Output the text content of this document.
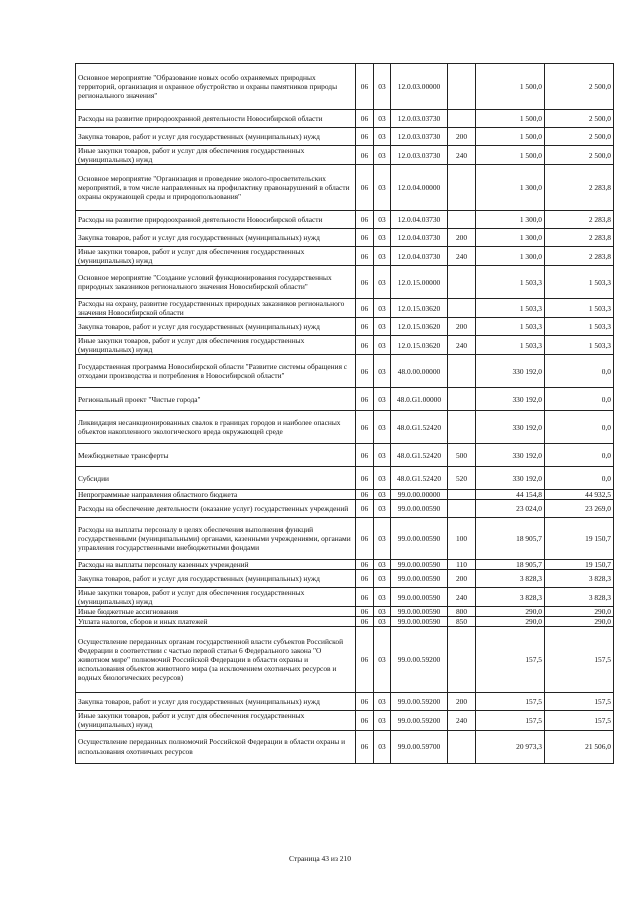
Основное мероприятие "Образование новых особо охраняемых природных территорий, организация и охранное обустройство и охраны памятников природы регионального значения"	06	03	12.0.03.00000		1 500,0	2 500,0
Расходы на развитие природоохранной деятельности Новосибирской области	06	03	12.0.03.03730		1 500,0	2 500,0
Закупка товаров, работ и услуг для государственных (муниципальных) нужд	06	03	12.0.03.03730	200	1 500,0	2 500,0
Иные закупки товаров, работ и услуг для обеспечения государственных (муниципальных) нужд	06	03	12.0.03.03730	240	1 500,0	2 500,0
Основное мероприятие "Организация и проведение эколого-просветительских мероприятий, в том числе направленных на профилактику правонарушений в области охраны окружающей среды и природопользования"	06	03	12.0.04.00000		1 300,0	2 283,8
Расходы на развитие природоохранной деятельности Новосибирской области	06	03	12.0.04.03730		1 300,0	2 283,8
Закупка товаров, работ и услуг для государственных (муниципальных) нужд	06	03	12.0.04.03730	200	1 300,0	2 283,8
Иные закупки товаров, работ и услуг для обеспечения государственных (муниципальных) нужд	06	03	12.0.04.03730	240	1 300,0	2 283,8
Основное мероприятие "Создание условий функционирования государственных природных заказников регионального значения Новосибирской области"	06	03	12.0.15.00000		1 503,3	1 503,3
Расходы на охрану, развитие государственных природных заказников регионального значения Новосибирской области	06	03	12.0.15.03620		1 503,3	1 503,3
Закупка товаров, работ и услуг для государственных (муниципальных) нужд	06	03	12.0.15.03620	200	1 503,3	1 503,3
Иные закупки товаров, работ и услуг для обеспечения государственных (муниципальных) нужд	06	03	12.0.15.03620	240	1 503,3	1 503,3
Государственная программа Новосибирской области "Развитие системы обращения с отходами производства и потребления в Новосибирской области"	06	03	48.0.00.00000		330 192,0	0,0
Региональный проект "Чистые города"	06	03	48.0.G1.00000		330 192,0	0,0
Ликвидация несанкционированных свалок в границах городов и наиболее опасных объектов накопленного экологического вреда окружающей среде	06	03	48.0.G1.52420		330 192,0	0,0
Межбюджетные трансферты	06	03	48.0.G1.52420	500	330 192,0	0,0
Субсидии	06	03	48.0.G1.52420	520	330 192,0	0,0
Непрограммные направления областного бюджета	06	03	99.0.00.00000		44 154,8	44 932,5
Расходы на обеспечение деятельности (оказание услуг) государственных учреждений	06	03	99.0.00.00590		23 024,0	23 269,0
Расходы на выплаты персоналу в целях обеспечения выполнения функций государственными (муниципальными) органами, казенными учреждениями, органами управления государственными внебюджетными фондами	06	03	99.0.00.00590	100	18 905,7	19 150,7
Расходы на выплаты персоналу казенных учреждений	06	03	99.0.00.00590	110	18 905,7	19 150,7
Закупка товаров, работ и услуг для государственных (муниципальных) нужд	06	03	99.0.00.00590	200	3 828,3	3 828,3
Иные закупки товаров, работ и услуг для обеспечения государственных (муниципальных) нужд	06	03	99.0.00.00590	240	3 828,3	3 828,3
Иные бюджетные ассигнования	06	03	99.0.00.00590	800	290,0	290,0
Уплата налогов, сборов и иных платежей	06	03	99.0.00.00590	850	290,0	290,0
Осуществление переданных органам государственной власти субъектов Российской Федерации в соответствии с частью первой статьи 6 Федерального закона "О животном мире" полномочий Российской Федерации в области охраны и использования объектов животного мира (за исключением охотничьих ресурсов и водных биологических ресурсов)	06	03	99.0.00.59200		157,5	157,5
Закупка товаров, работ и услуг для государственных (муниципальных) нужд	06	03	99.0.00.59200	200	157,5	157,5
Иные закупки товаров, работ и услуг для обеспечения государственных (муниципальных) нужд	06	03	99.0.00.59200	240	157,5	157,5
Осуществление переданных полномочий Российской Федерации в области охраны и использования охотничьих ресурсов	06	03	99.0.00.59700		20 973,3	21 506,0
Страница 43 из 210
